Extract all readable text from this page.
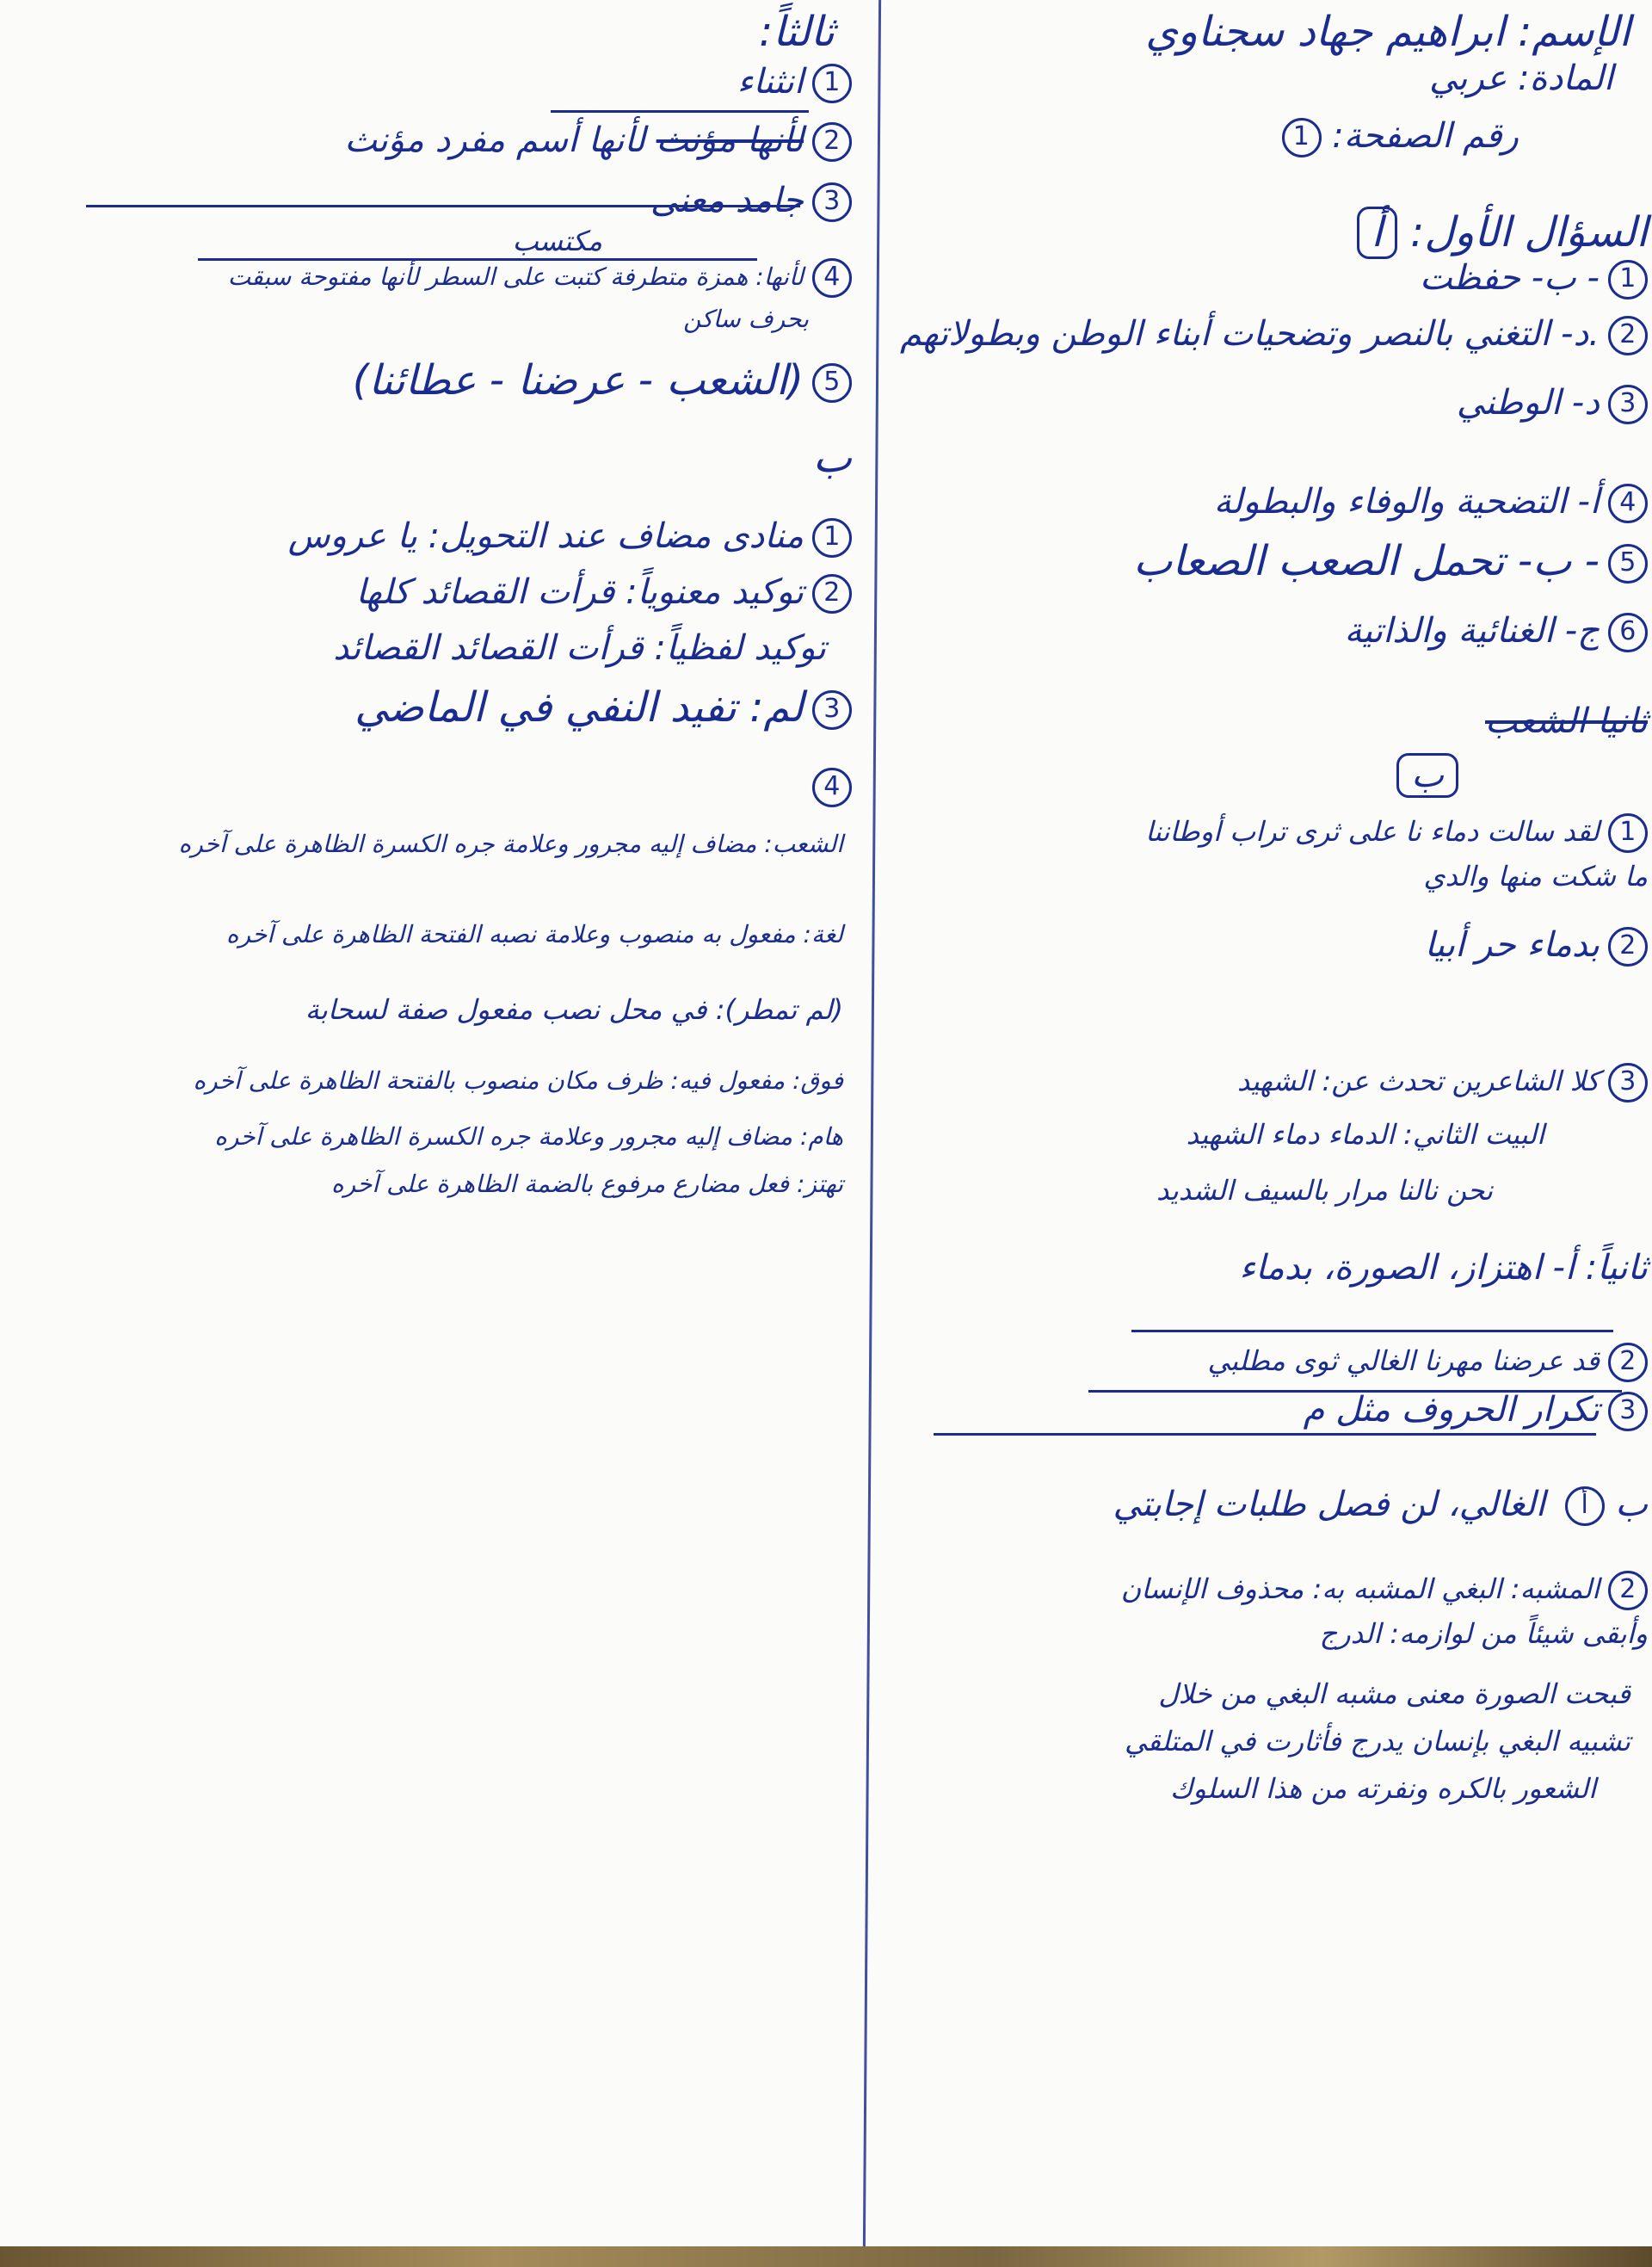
الإسم: ابراهيم جهاد سجناوي
المادة: عربي
رقم الصفحة: 1
السؤال الأول: أ
1- ب- حفظت
2.د- التغني بالنصر وتضحيات أبناء الوطن وبطولاتهم
3د- الوطني
4أ- التضحية والوفاء والبطولة
5- ب- تحمل الصعب الصعاب
6ج- الغنائية والذاتية
ثانيا الشعب
ب
1لقد سالت دماء نا على ثرى تراب أوطاننا
ما شكت منها والدي
2بدماء حر أبيا
3كلا الشاعرين تحدث عن: الشهيد
البيت الثاني: الدماء دماء الشهيد
نحن نالنا مرار بالسيف الشديد
ثانياً: أ- اهتزاز، الصورة، بدماء
2قد عرضنا مهرنا الغالي ثوى مطلبي
3تكرار الحروف مثل م
ب أ الغالي، لن فصل طلبات إجابتي
2المشبه: البغي المشبه به: محذوف الإنسان
وأبقى شيئاً من لوازمه: الدرج
قبحت الصورة معنى مشبه البغي من خلال
تشبيه البغي بإنسان يدرج فأثارت في المتلقي
الشعور بالكره ونفرته من هذا السلوك
ثالثاً:
1انثناء
2لأنها مؤنث لأنها أسم مفرد مؤنث
3جامد معنى
مكتسب
4لأنها: همزة متطرفة كتبت على السطر لأنها مفتوحة سبقت
بحرف ساكن
5(الشعب - عرضنا - عطائنا)
ب
1منادى مضاف عند التحويل: يا عروس
2توكيد معنوياً: قرأت القصائد كلها
توكيد لفظياً: قرأت القصائد القصائد
3لم: تفيد النفي في الماضي
4
الشعب: مضاف إليه مجرور وعلامة جره الكسرة الظاهرة على آخره
لغة: مفعول به منصوب وعلامة نصبه الفتحة الظاهرة على آخره
(لم تمطر): في محل نصب مفعول صفة لسحابة
فوق: مفعول فيه: ظرف مكان منصوب بالفتحة الظاهرة على آخره
هام: مضاف إليه مجرور وعلامة جره الكسرة الظاهرة على آخره
تهتز: فعل مضارع مرفوع بالضمة الظاهرة على آخره
